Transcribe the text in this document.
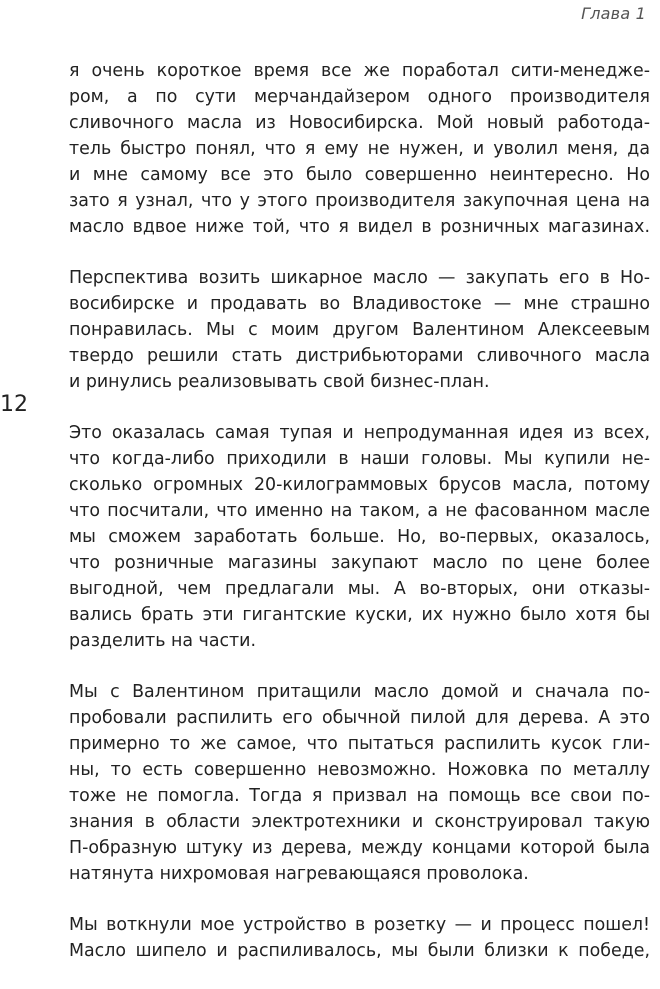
Глава 1
12
я очень короткое время все же поработал сити-менедже-
ром, а по сути мерчандайзером одного производителя
сливочного масла из Новосибирска. Мой новый работода-
тель быстро понял, что я ему не нужен, и уволил меня, да
и мне самому все это было совершенно неинтересно. Но
зато я узнал, что у этого производителя закупочная цена на
масло вдвое ниже той, что я видел в розничных магазинах.
Перспектива возить шикарное масло — закупать его в Но-
восибирске и продавать во Владивостоке — мне страшно
понравилась. Мы с моим другом Валентином Алексеевым
твердо решили стать дистрибьюторами сливочного масла
и ринулись реализовывать свой бизнес-план.
Это оказалась самая тупая и непродуманная идея из всех,
что когда-либо приходили в наши головы. Мы купили не-
сколько огромных 20-килограммовых брусов масла, потому
что посчитали, что именно на таком, а не фасованном масле
мы сможем заработать больше. Но, во-первых, оказалось,
что розничные магазины закупают масло по цене более
выгодной, чем предлагали мы. А во-вторых, они отказы-
вались брать эти гигантские куски, их нужно было хотя бы
разделить на части.
Мы с Валентином притащили масло домой и сначала по-
пробовали распилить его обычной пилой для дерева. А это
примерно то же самое, что пытаться распилить кусок гли-
ны, то есть совершенно невозможно. Ножовка по металлу
тоже не помогла. Тогда я призвал на помощь все свои по-
знания в области электротехники и сконструировал такую
П-образную штуку из дерева, между концами которой была
натянута нихромовая нагревающаяся проволока.
Мы воткнули мое устройство в розетку — и процесс пошел!
Масло шипело и распиливалось, мы были близки к победе,
